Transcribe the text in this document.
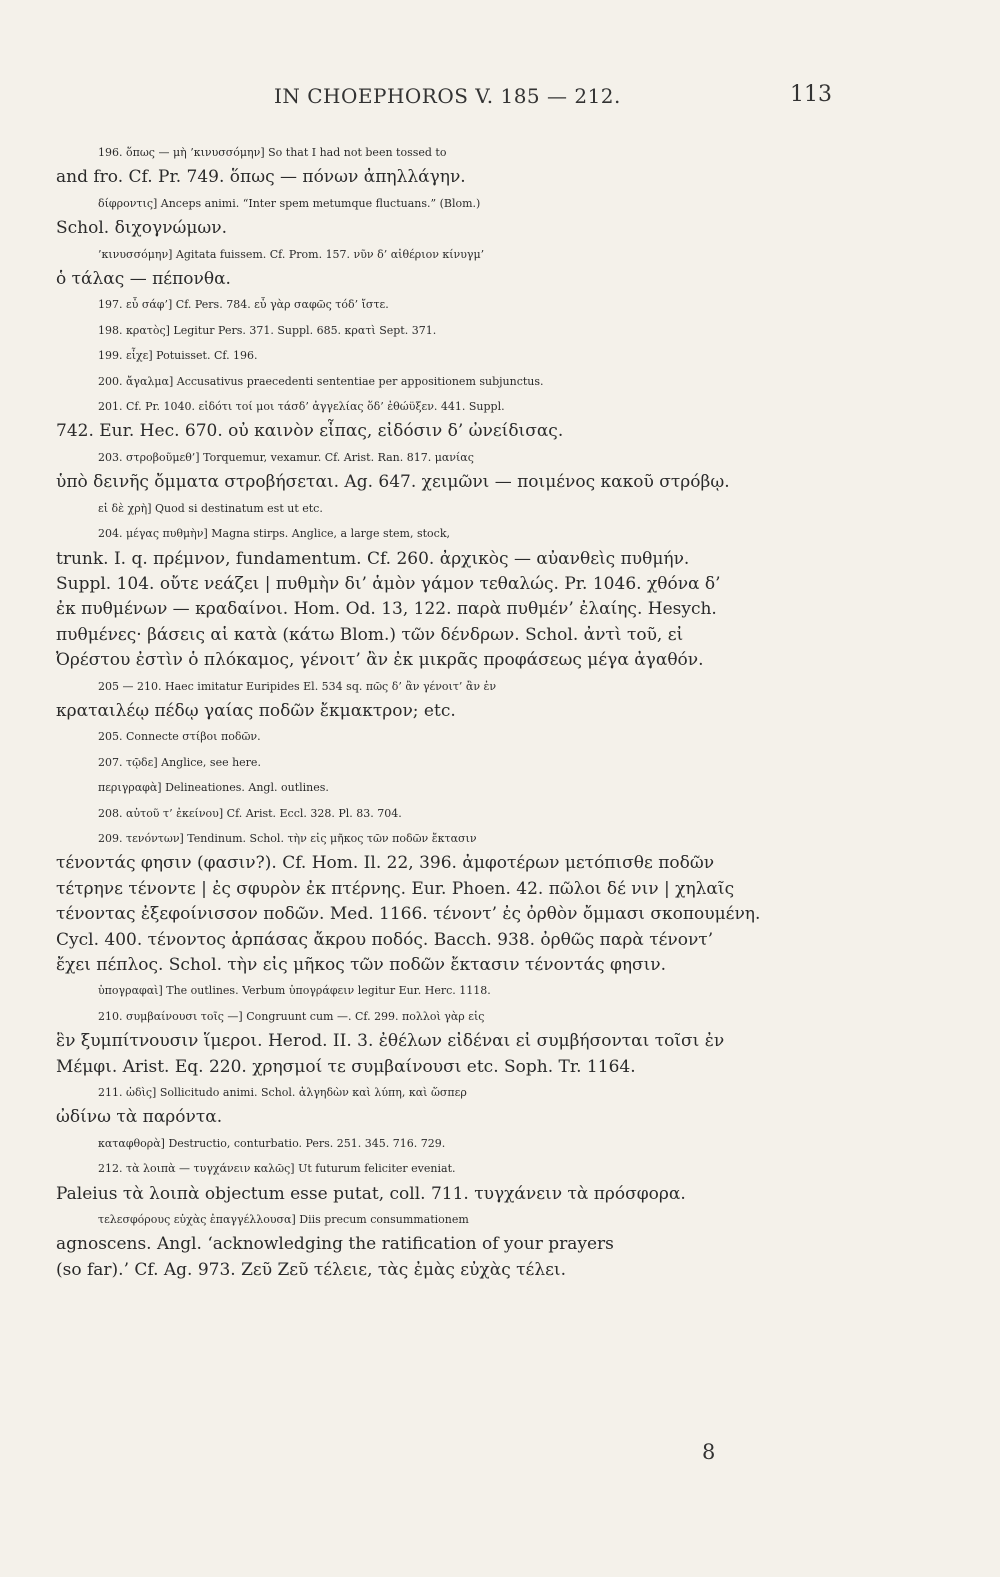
IN CHOEPHOROS V. 185 — 212.	113

196. ὅπως — μὴ ’κινυσσόμην] So that I had not been tossed to

and fro. Cf. Pr. 749. ὅπως — πόνων ἀπηλλάγην.

δίφροντις] Anceps animi. “Inter spem metumque fluctuans.” (Blom.)

Schol. διχογνώμων.

’κινυσσόμην] Agitata fuissem. Cf. Prom. 157. νῦν δ’ αἰθέριον κίνυγμ’

ὁ τάλας — πέπονθα.

197. εὖ σάφ’] Cf. Pers. 784. εὖ γὰρ σαφῶς τόδ’ ἴστε.

198. κρατὸς] Legitur Pers. 371. Suppl. 685. κρατὶ Sept. 371.

199. εἶχε] Potuisset. Cf. 196.

200. ἄγαλμα] Accusativus praecedenti sententiae per appositionem subjunctus.

201. Cf. Pr. 1040. εἰδότι τοί μοι τάσδ’ ἀγγελίας ὅδ’ ἐθώϋξεν. 441. Suppl.

742. Eur. Hec. 670. οὐ καινὸν εἶπας, εἰδόσιν δ’ ὠνείδισας.

203. στροβοῦμεθ’] Torquemur, vexamur. Cf. Arist. Ran. 817. μανίας

ὑπὸ δεινῆς ὄμματα στροβήσεται. Ag. 647. χειμῶνι — ποιμένος κακοῦ στρόβῳ.

εἰ δὲ χρὴ] Quod si destinatum est ut etc.

204. μέγας πυθμὴν] Magna stirps. Anglice, a large stem, stock,

trunk. I. q. πρέμνον, fundamentum. Cf. 260. ἀρχικὸς — αὐανθεὶς πυθμήν.

Suppl. 104. οὔτε νεάζει | πυθμὴν δι’ ἁμὸν γάμον τεθαλώς. Pr. 1046. χθόνα δ’

ἐκ πυθμένων — κραδαίνοι. Hom. Od. 13, 122. παρὰ πυθμέν’ ἐλαίης. Hesych.

πυθμένες· βάσεις αἱ κατὰ (κάτω Blom.) τῶν δένδρων. Schol. ἀντὶ τοῦ, εἰ

Ὀρέστου ἐστὶν ὁ πλόκαμος, γένοιτ’ ἂν ἐκ μικρᾶς προφάσεως μέγα ἀγαθόν.

205 — 210. Haec imitatur Euripides El. 534 sq. πῶς δ’ ἂν γένοιτ’ ἂν ἐν

κραταιλέῳ πέδῳ γαίας ποδῶν ἔκμακτρον; etc.

205. Connecte στίβοι ποδῶν.

207. τῷδε] Anglice, see here.

περιγραφὰ] Delineationes. Angl. outlines.

208. αὐτοῦ τ’ ἐκείνου] Cf. Arist. Eccl. 328. Pl. 83. 704.

209. τενόντων] Tendinum. Schol. τὴν εἰς μῆκος τῶν ποδῶν ἔκτασιν

τένοντάς φησιν (φασιν?). Cf. Hom. Il. 22, 396. ἀμφοτέρων μετόπισθε ποδῶν

τέτρηνε τένοντε | ἐς σφυρὸν ἐκ πτέρνης. Eur. Phoen. 42. πῶλοι δέ νιν | χηλαῖς

τένοντας ἐξεφοίνισσον ποδῶν. Med. 1166. τένοντ’ ἐς ὀρθὸν ὄμμασι σκοπουμένη.

Cycl. 400. τένοντος ἁρπάσας ἄκρου ποδός. Bacch. 938. ὀρθῶς παρὰ τένοντ’

ἔχει πέπλος. Schol. τὴν εἰς μῆκος τῶν ποδῶν ἔκτασιν τένοντάς φησιν.

ὑπογραφαὶ] The outlines. Verbum ὑπογράφειν legitur Eur. Herc. 1118.

210. συμβαίνουσι τοῖς —] Congruunt cum —. Cf. 299. πολλοὶ γὰρ εἰς

ἓν ξυμπίτνουσιν ἵμεροι. Herod. II. 3. ἐθέλων εἰδέναι εἰ συμβήσονται τοῖσι ἐν

Μέμφι. Arist. Eq. 220. χρησμοί τε συμβαίνουσι etc. Soph. Tr. 1164.

211. ὠδὶς] Sollicitudo animi. Schol. ἀλγηδὼν καὶ λύπη, καὶ ὥσπερ

ὠδίνω τὰ παρόντα.

καταφθορὰ] Destructio, conturbatio. Pers. 251. 345. 716. 729.

212. τὰ λοιπὰ — τυγχάνειν καλῶς] Ut futurum feliciter eveniat.

Paleius τὰ λοιπὰ objectum esse putat, coll. 711. τυγχάνειν τὰ πρόσφορα.

τελεσφόρους εὐχὰς ἐπαγγέλλουσα] Diis precum consummationem

agnoscens. Angl. ‘acknowledging the ratification of your prayers

(so far).’ Cf. Ag. 973. Ζεῦ Ζεῦ τέλειε, τὰς ἐμὰς εὐχὰς τέλει.

8
